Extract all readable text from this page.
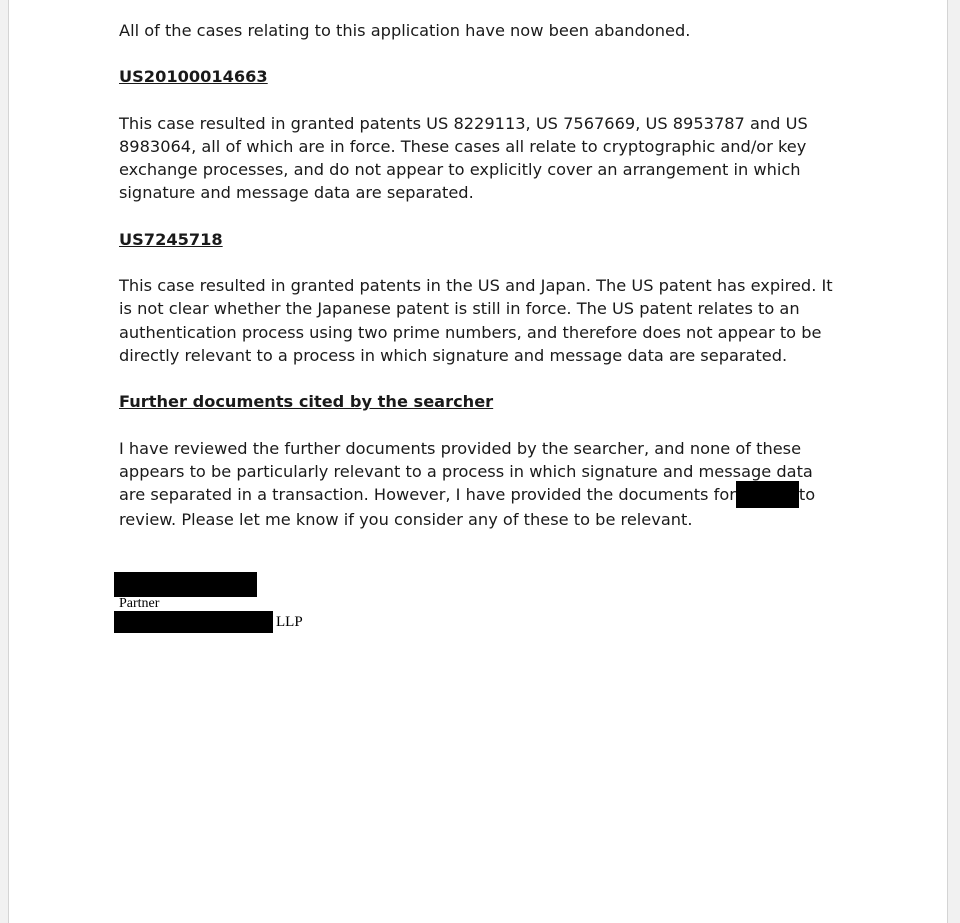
All of the cases relating to this application have now been abandoned.

US20100014663

This case resulted in granted patents US 8229113, US 7567669, US 8953787 and US 8983064, all of which are in force. These cases all relate to cryptographic and/or key exchange processes, and do not appear to explicitly cover an arrangement in which signature and message data are separated.

US7245718

This case resulted in granted patents in the US and Japan. The US patent has expired. It is not clear whether the Japanese patent is still in force. The US patent relates to an authentication process using two prime numbers, and therefore does not appear to be directly relevant to a process in which signature and message data are separated.

Further documents cited by the searcher

I have reviewed the further documents provided by the searcher, and none of these appears to be particularly relevant to a process in which signature and message data are separated in a transaction. However, I have provided the documents for	to review. Please let me know if you consider any of these to be relevant.

Partner
LLP
